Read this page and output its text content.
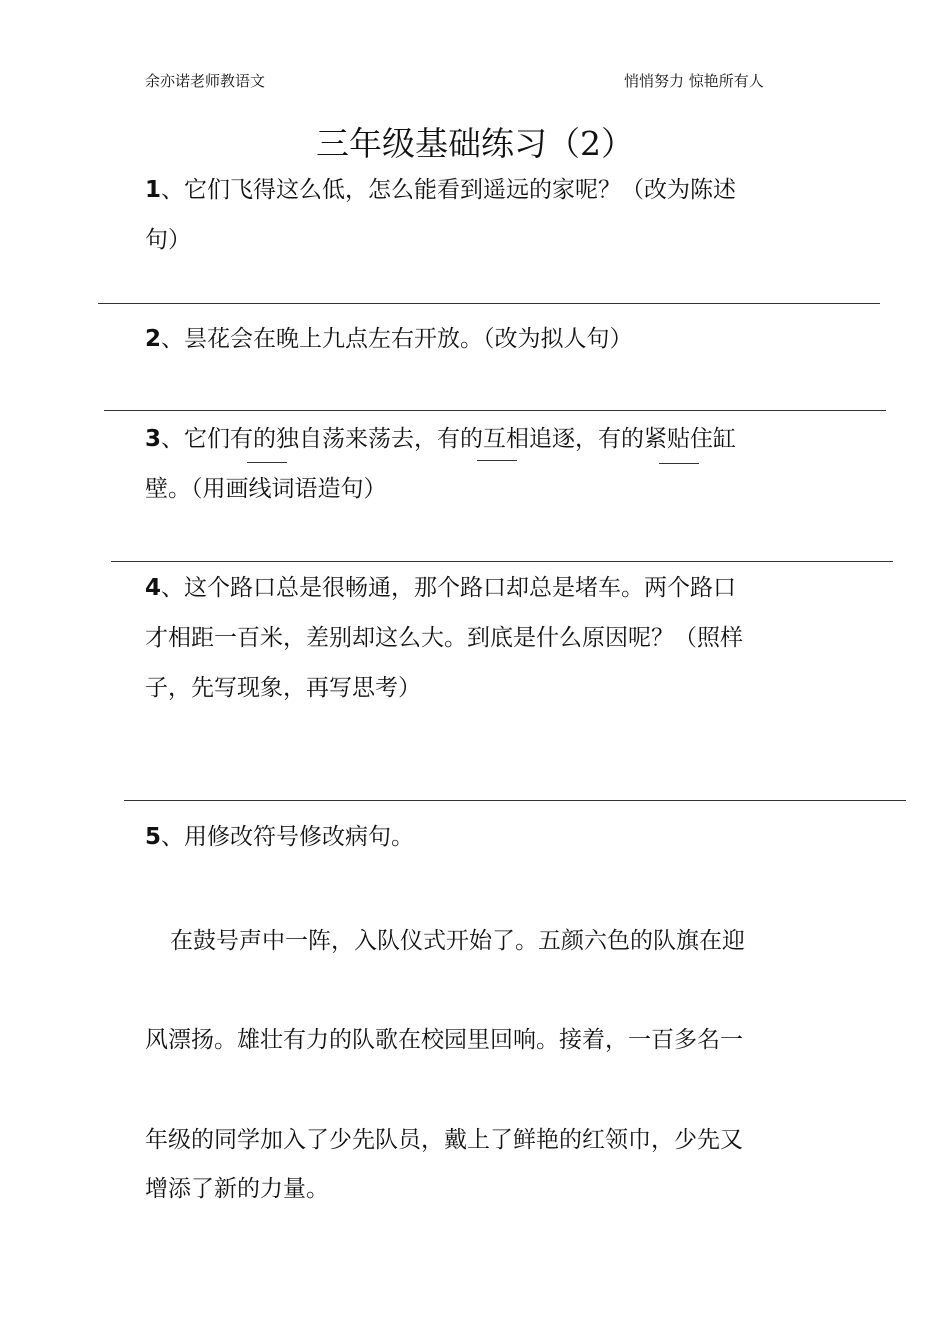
余亦诺老师教语文	悄悄努力 惊艳所有人
三年级基础练习（2）
1、它们飞得这么低，怎么能看到遥远的家呢？（改为陈述
句）
2、昙花会在晚上九点左右开放。（改为拟人句）
3、它们有的独自荡来荡去，有的互相追逐，有的紧贴住缸
壁。（用画线词语造句）
4、这个路口总是很畅通，那个路口却总是堵车。两个路口
才相距一百米，差别却这么大。到底是什么原因呢？（照样
子，先写现象，再写思考）
5、用修改符号修改病句。
在鼓号声中一阵，入队仪式开始了。五颜六色的队旗在迎
风漂扬。雄壮有力的队歌在校园里回响。接着，一百多名一
年级的同学加入了少先队员，戴上了鲜艳的红领巾，少先又
增添了新的力量。
